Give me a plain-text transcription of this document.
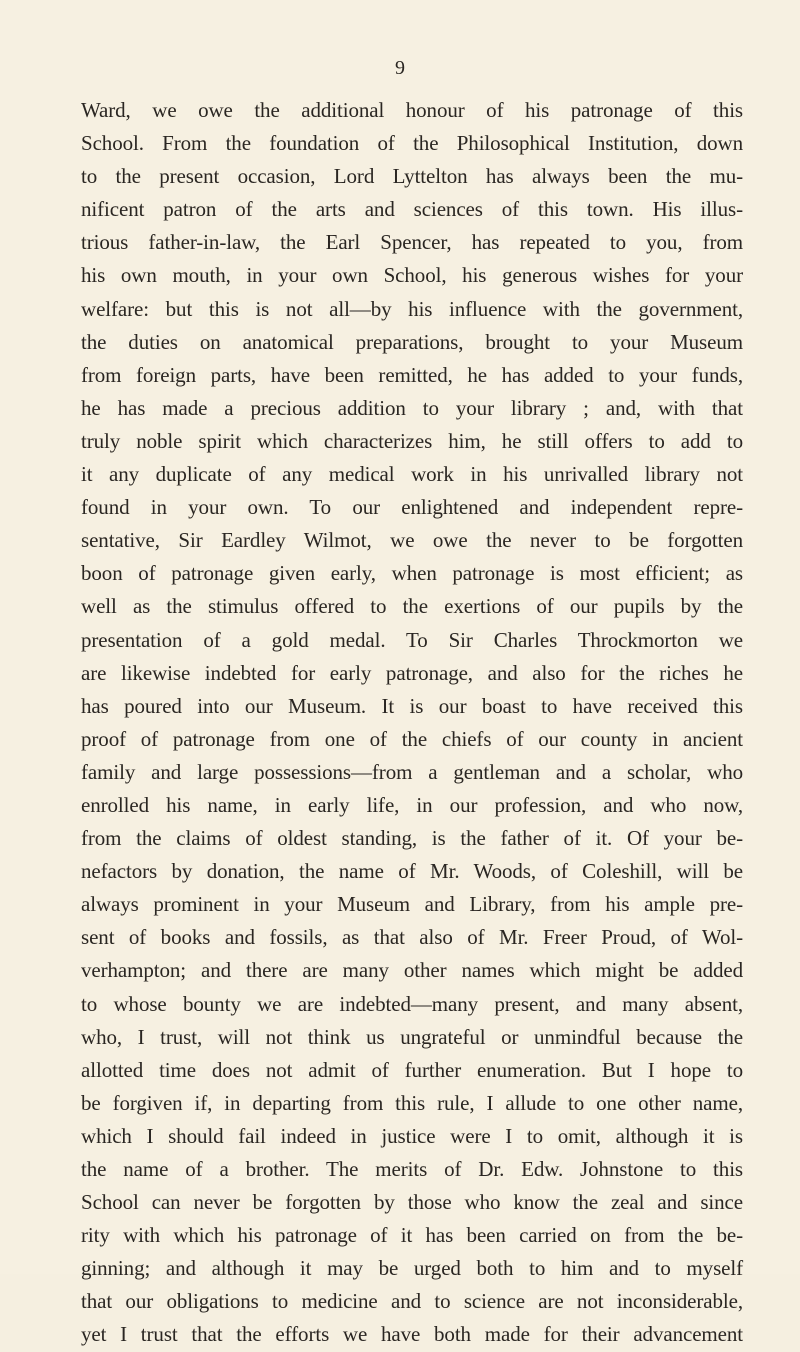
9
Ward, we owe the additional honour of his patronage of this
School. From the foundation of the Philosophical Institution, down
to the present occasion, Lord Lyttelton has always been the mu-
nificent patron of the arts and sciences of this town. His illus-
trious father-in-law, the Earl Spencer, has repeated to you, from
his own mouth, in your own School, his generous wishes for your
welfare: but this is not all—by his influence with the government,
the duties on anatomical preparations, brought to your Museum
from foreign parts, have been remitted, he has added to your funds,
he has made a precious addition to your library ; and, with that
truly noble spirit which characterizes him, he still offers to add to
it any duplicate of any medical work in his unrivalled library not
found in your own. To our enlightened and independent repre-
sentative, Sir Eardley Wilmot, we owe the never to be forgotten
boon of patronage given early, when patronage is most efficient; as
well as the stimulus offered to the exertions of our pupils by the
presentation of a gold medal. To Sir Charles Throckmorton we
are likewise indebted for early patronage, and also for the riches he
has poured into our Museum. It is our boast to have received this
proof of patronage from one of the chiefs of our county in ancient
family and large possessions—from a gentleman and a scholar, who
enrolled his name, in early life, in our profession, and who now,
from the claims of oldest standing, is the father of it. Of your be-
nefactors by donation, the name of Mr. Woods, of Coleshill, will be
always prominent in your Museum and Library, from his ample pre-
sent of books and fossils, as that also of Mr. Freer Proud, of Wol-
verhampton; and there are many other names which might be added
to whose bounty we are indebted—many present, and many absent,
who, I trust, will not think us ungrateful or unmindful because the
allotted time does not admit of further enumeration. But I hope to
be forgiven if, in departing from this rule, I allude to one other name,
which I should fail indeed in justice were I to omit, although it is
the name of a brother. The merits of Dr. Edw. Johnstone to this
School can never be forgotten by those who know the zeal and since
rity with which his patronage of it has been carried on from the be-
ginning; and although it may be urged both to him and to myself
that our obligations to medicine and to science are not inconsiderable,
yet I trust that the efforts we have both made for their advancement
